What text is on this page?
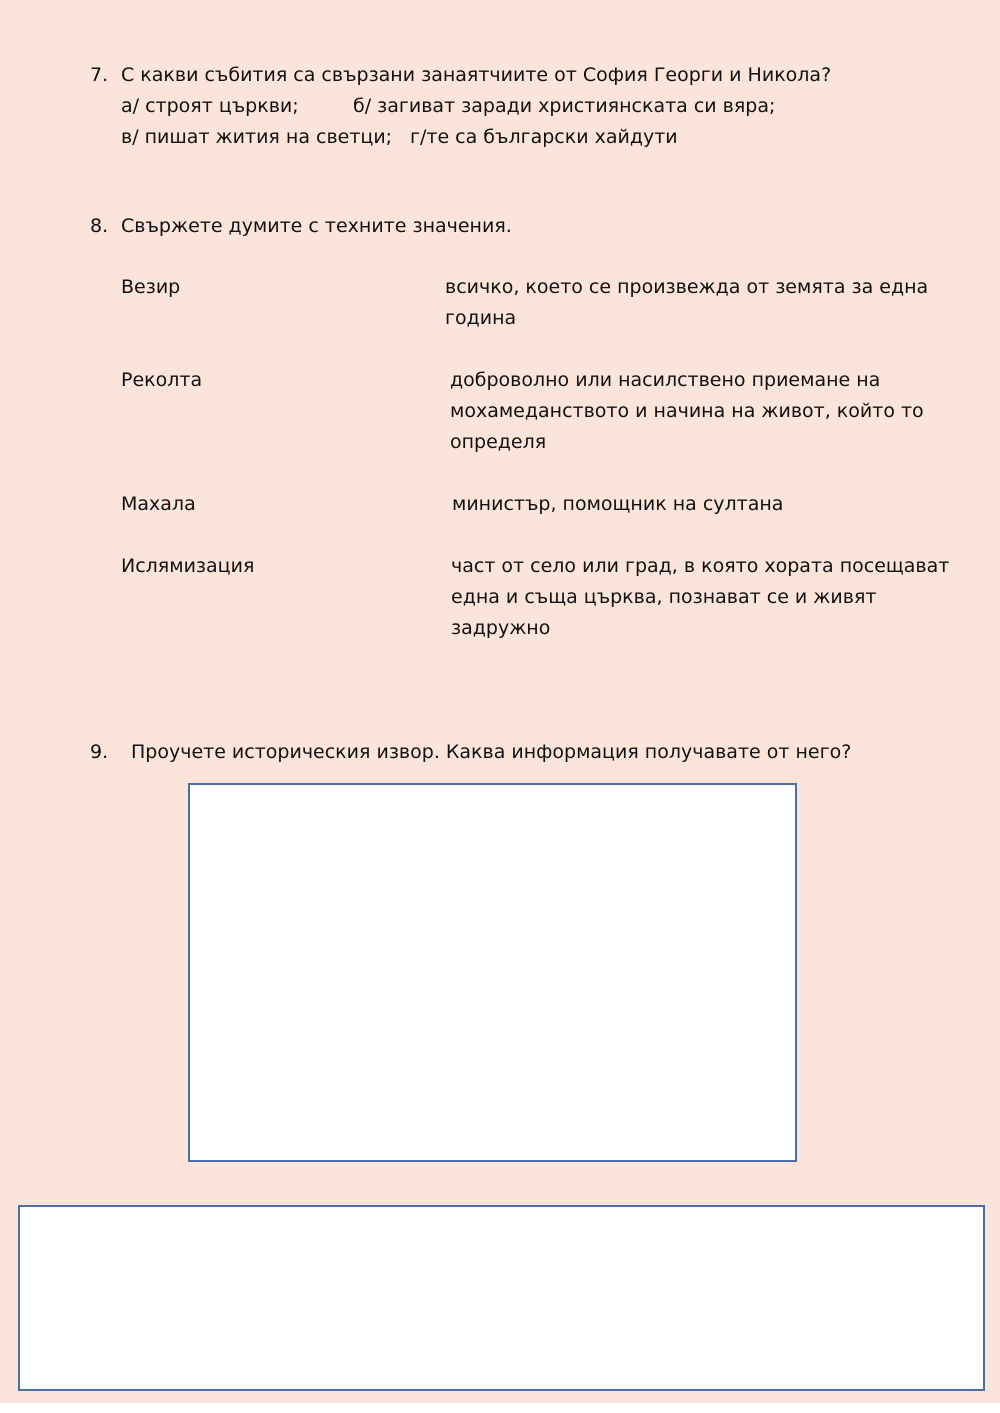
7. С какви събития са свързани занаятчиите от София Георги и Никола?
а/ строят църкви;	б/ загиват заради християнската си вяра;
в/ пишат жития на светци; г/те са български хайдути
8. Свържете думите с техните значения.
Везир	всичко, което се произвежда от земята за една година
Реколта	доброволно или насилствено приемане на мохамеданството и начина на живот, който то определя
Махала	министър, помощник на султана
Ислямизация	част от село или град, в която хората посещават една и съща църква, познават се и живят задружно
9. Проучете историческия извор. Каква информация получавате от него?
